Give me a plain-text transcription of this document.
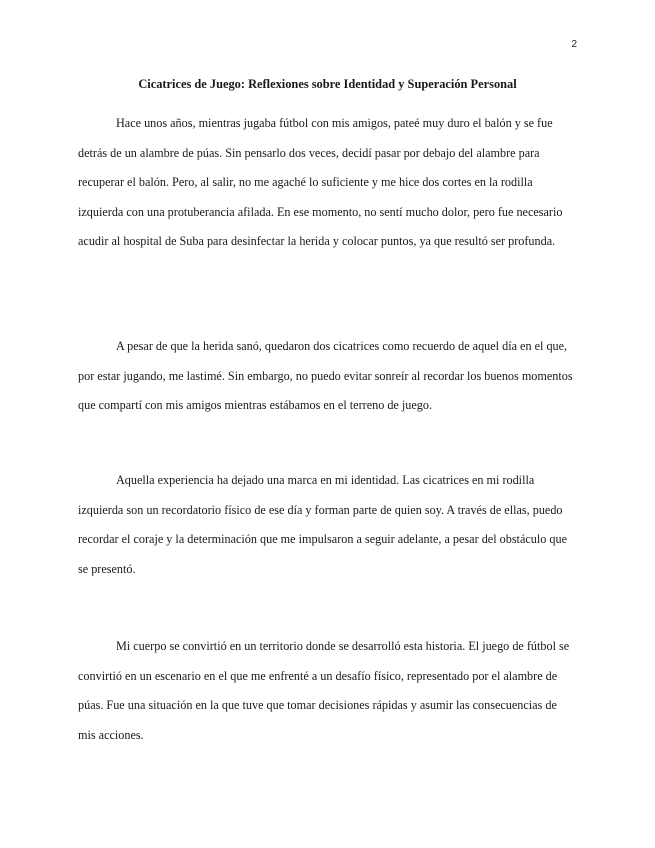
2
Cicatrices de Juego: Reflexiones sobre Identidad y Superación Personal

Hace unos años, mientras jugaba fútbol con mis amigos, pateé muy duro el balón y se fue detrás de un alambre de púas. Sin pensarlo dos veces, decidí pasar por debajo del alambre para recuperar el balón. Pero, al salir, no me agaché lo suficiente y me hice dos cortes en la rodilla izquierda con una protuberancia afilada. En ese momento, no sentí mucho dolor, pero fue necesario acudir al hospital de Suba para desinfectar la herida y colocar puntos, ya que resultó ser profunda.

A pesar de que la herida sanó, quedaron dos cicatrices como recuerdo de aquel día en el que, por estar jugando, me lastimé. Sin embargo, no puedo evitar sonreír al recordar los buenos momentos que compartí con mis amigos mientras estábamos en el terreno de juego.

Aquella experiencia ha dejado una marca en mi identidad. Las cicatrices en mi rodilla izquierda son un recordatorio físico de ese día y forman parte de quien soy. A través de ellas, puedo recordar el coraje y la determinación que me impulsaron a seguir adelante, a pesar del obstáculo que se presentó.

Mi cuerpo se convirtió en un territorio donde se desarrolló esta historia. El juego de fútbol se convirtió en un escenario en el que me enfrenté a un desafío físico, representado por el alambre de púas. Fue una situación en la que tuve que tomar decisiones rápidas y asumir las consecuencias de mis acciones.
